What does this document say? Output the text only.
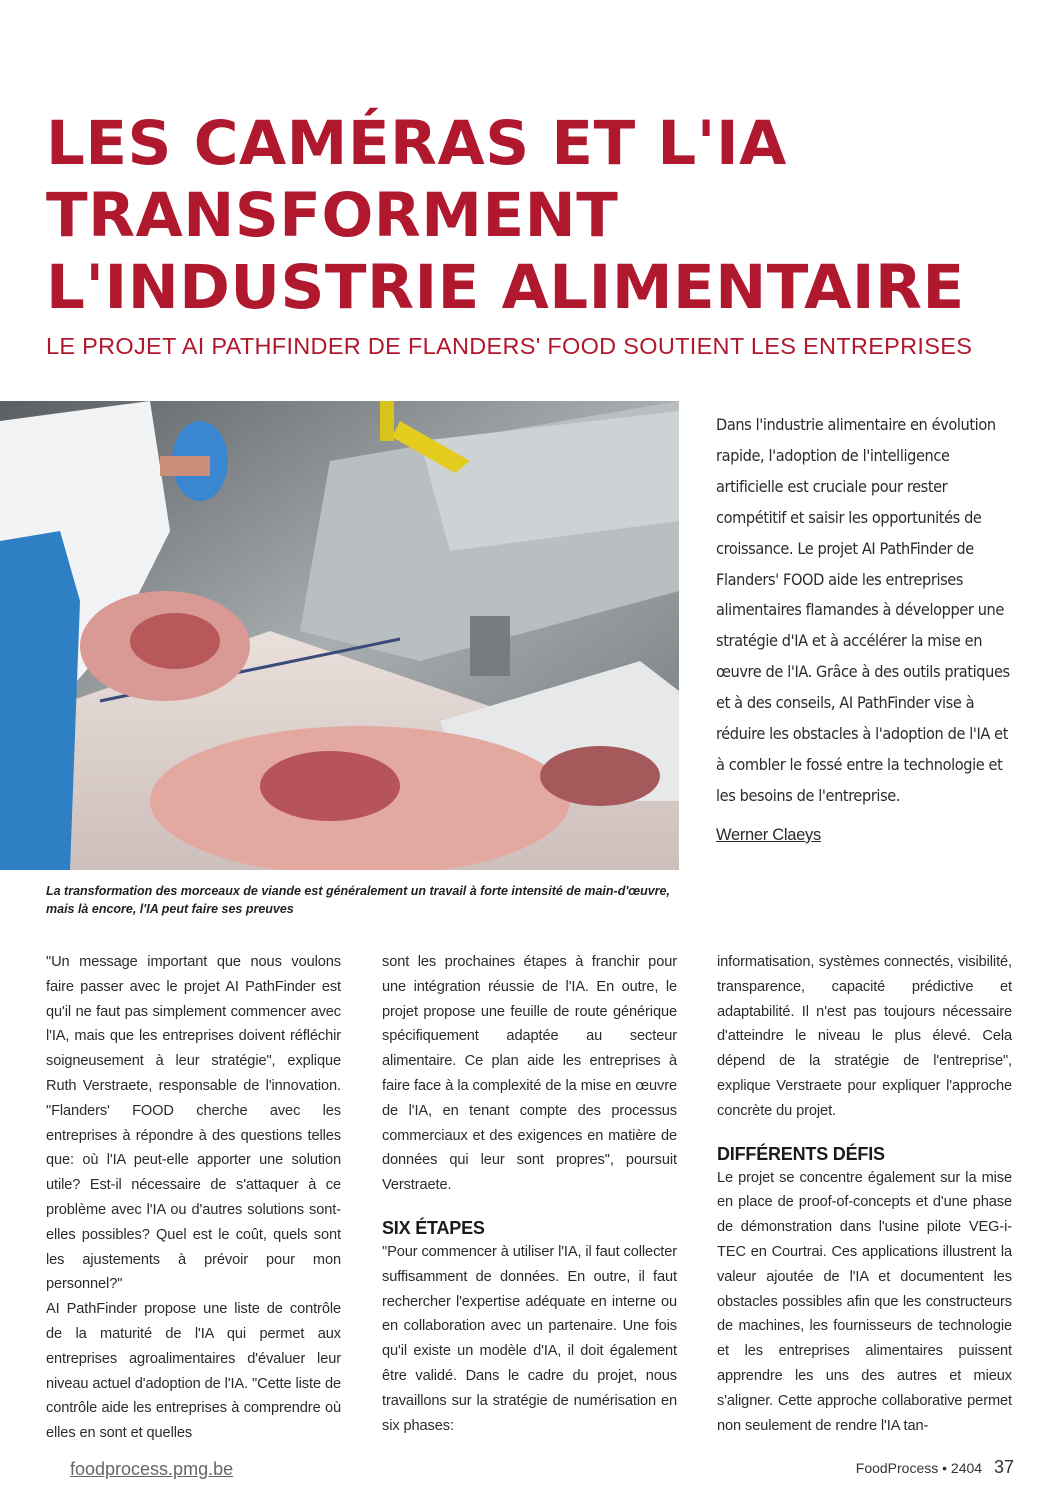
LES CAMÉRAS ET L'IA
TRANSFORMENT
L'INDUSTRIE ALIMENTAIRE
LE PROJET AI PATHFINDER DE FLANDERS' FOOD SOUTIENT LES ENTREPRISES
La transformation des morceaux de viande est généralement un travail à forte intensité de main-d'œuvre, mais là encore, l'IA peut faire ses preuves

Dans l'industrie alimentaire en évolution rapide, l'adoption de l'intelligence artificielle est cruciale pour rester compétitif et saisir les opportunités de croissance. Le projet AI PathFinder de Flanders' FOOD aide les entreprises alimentaires flamandes à développer une stratégie d'IA et à accélérer la mise en œuvre de l'IA. Grâce à des outils pratiques et à des conseils, AI PathFinder vise à réduire les obstacles à l'adoption de l'IA et à combler le fossé entre la technologie et les besoins de l'entreprise.

Werner Claeys

"Un message important que nous voulons faire passer avec le projet AI PathFinder est qu'il ne faut pas simplement commencer avec l'IA, mais que les entreprises doivent réfléchir soigneusement à leur stratégie", explique Ruth Verstraete, responsable de l'innovation. "Flanders' FOOD cherche avec les entreprises à répondre à des questions telles que: où l'IA peut-elle apporter une solution utile? Est-il nécessaire de s'attaquer à ce problème avec l'IA ou d'autres solutions sont-elles possibles? Quel est le coût, quels sont les ajustements à prévoir pour mon personnel?"

AI PathFinder propose une liste de contrôle de la maturité de l'IA qui permet aux entreprises agroalimentaires d'évaluer leur niveau actuel d'adoption de l'IA. "Cette liste de contrôle aide les entreprises à comprendre où elles en sont et quelles

sont les prochaines étapes à franchir pour une intégration réussie de l'IA. En outre, le projet propose une feuille de route générique spécifiquement adaptée au secteur alimentaire. Ce plan aide les entreprises à faire face à la complexité de la mise en œuvre de l'IA, en tenant compte des processus commerciaux et des exigences en matière de données qui leur sont propres", poursuit Verstraete.

SIX ÉTAPES

"Pour commencer à utiliser l'IA, il faut collecter suffisamment de données. En outre, il faut rechercher l'expertise adéquate en interne ou en collaboration avec un partenaire. Une fois qu'il existe un modèle d'IA, il doit également être validé. Dans le cadre du projet, nous travaillons sur la stratégie de numérisation en six phases:

informatisation, systèmes connectés, visibilité, transparence, capacité prédictive et adaptabilité. Il n'est pas toujours nécessaire d'atteindre le niveau le plus élevé. Cela dépend de la stratégie de l'entreprise", explique Verstraete pour expliquer l'approche concrète du projet.

DIFFÉRENTS DÉFIS

Le projet se concentre également sur la mise en place de proof-of-concepts et d'une phase de démonstration dans l'usine pilote VEG-i-TEC en Courtrai. Ces applications illustrent la valeur ajoutée de l'IA et documentent les obstacles possibles afin que les constructeurs de machines, les fournisseurs de technologie et les entreprises alimentaires puissent apprendre les uns des autres et mieux s'aligner. Cette approche collaborative permet non seulement de rendre l'IA tan-

foodprocess.pmg.be	FoodProcess • 2404 37
